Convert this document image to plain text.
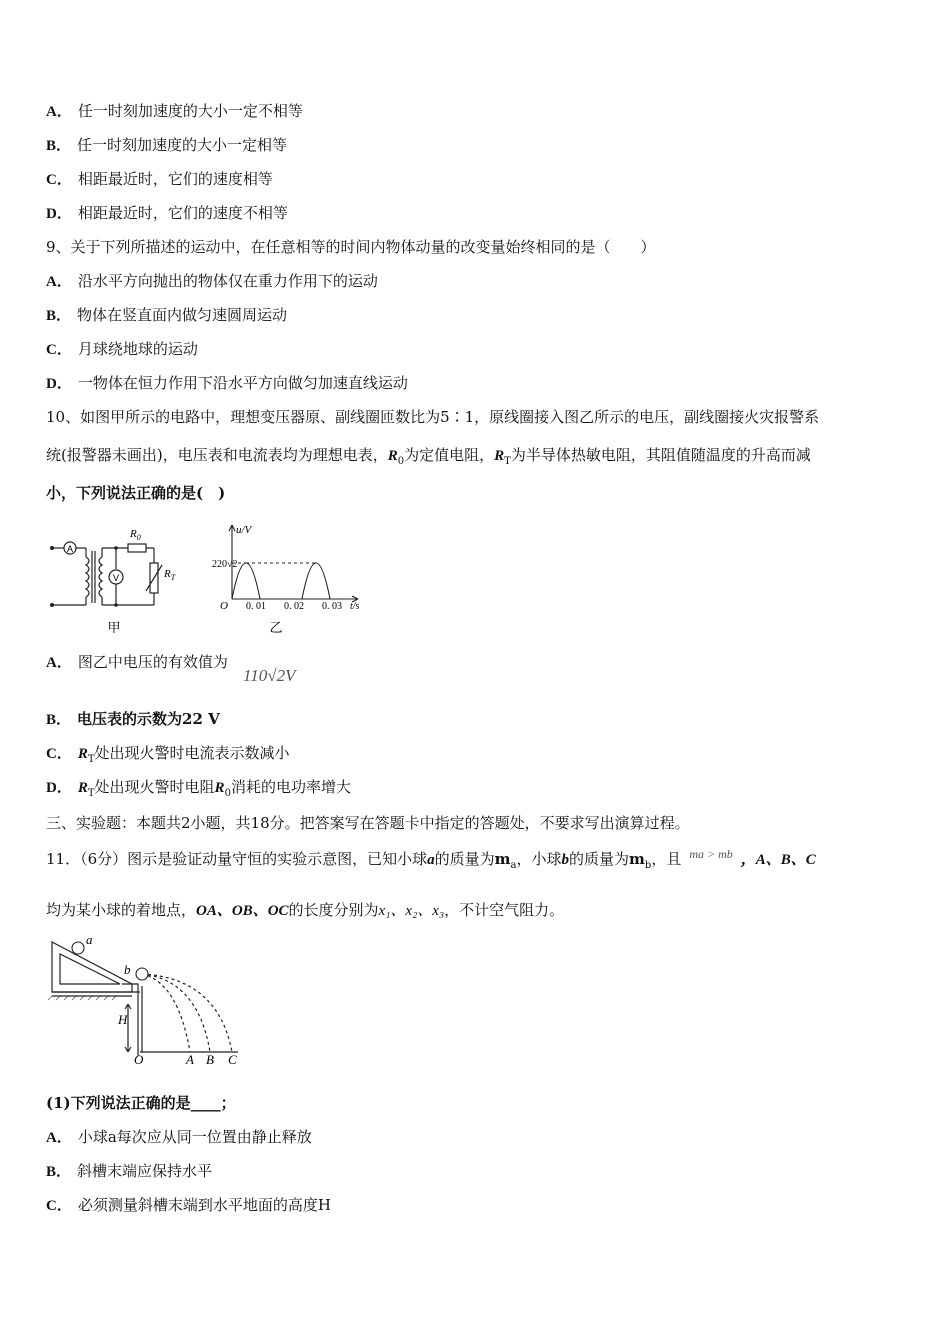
A． 任一时刻加速度的大小一定不相等
B． 任一时刻加速度的大小一定相等
C． 相距最近时，它们的速度相等
D． 相距最近时，它们的速度不相等
9、关于下列所描述的运动中，在任意相等的时间内物体动量的改变量始终相同的是（　　）
A． 沿水平方向抛出的物体仅在重力作用下的运动
B． 物体在竖直面内做匀速圆周运动
C． 月球绕地球的运动
D． 一物体在恒力作用下沿水平方向做匀加速直线运动
10、如图甲所示的电路中，理想变压器原、副线圈匝数比为5∶1，原线圈接入图乙所示的电压，副线圈接火灾报警系
统(报警器未画出)，电压表和电流表均为理想电表，$R_0$为定值电阻，$R_T$为半导体热敏电阻，其阻值随温度的升高而减
小，下列说法正确的是(　)
A
V
$R_0$
$R_T$
甲
u/V
220√2
O 0. 01 0. 02 0. 03 t/s
乙
A． 图乙中电压的有效值为
110√2V
B． 电压表的示数为22 V
C． $R_T$处出现火警时电流表示数减小
D． $R_T$处出现火警时电阻$R_0$消耗的电功率增大
三、实验题：本题共2小题，共18分。把答案写在答题卡中指定的答题处，不要求写出演算过程。
11．（6分）图示是验证动量守恒的实验示意图，已知小球a的质量为$m_a$，小球b的质量为$m_b$，且 $^{ma > mb}$ ，A、B、C
均为某小球的着地点，OA、OB、OC的长度分别为x₁、x₂、x₃，不计空气阻力。
a
b
H
O	A B C
(1)下列说法正确的是____；
A． 小球a每次应从同一位置由静止释放
B． 斜槽末端应保持水平
C． 必须测量斜槽末端到水平地面的高度H
